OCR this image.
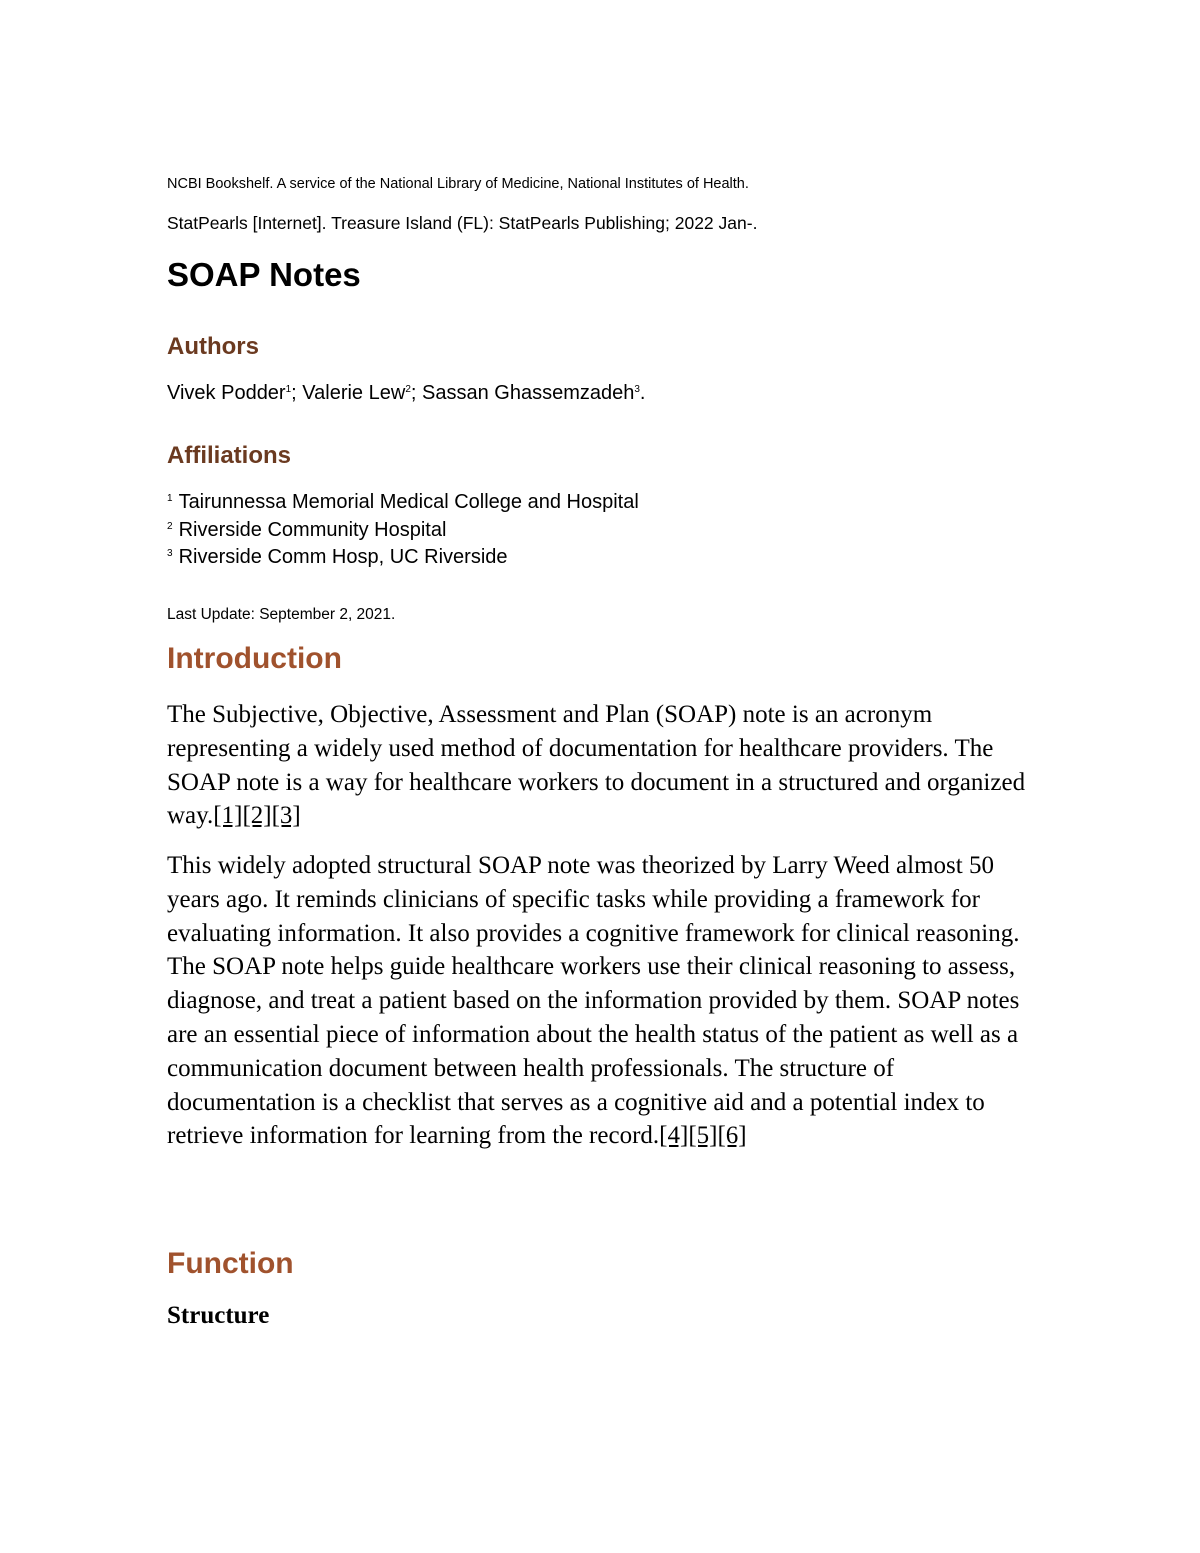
NCBI Bookshelf. A service of the National Library of Medicine, National Institutes of Health.

StatPearls [Internet]. Treasure Island (FL): StatPearls Publishing; 2022 Jan-.

SOAP Notes
Authors

Vivek Podder$^1$; Valerie Lew$^2$; Sassan Ghassemzadeh$^3$.

Affiliations
$^1$ Tairunnessa Memorial Medical College and Hospital
$^2$ Riverside Community Hospital
$^3$ Riverside Comm Hosp, UC Riverside

Last Update: September 2, 2021.

Introduction

The Subjective, Objective, Assessment and Plan (SOAP) note is an acronym representing a widely used method of documentation for healthcare providers. The SOAP note is a way for healthcare workers to document in a structured and organized way.[1][2][3]

This widely adopted structural SOAP note was theorized by Larry Weed almost 50 years ago. It reminds clinicians of specific tasks while providing a framework for evaluating information. It also provides a cognitive framework for clinical reasoning. The SOAP note helps guide healthcare workers use their clinical reasoning to assess, diagnose, and treat a patient based on the information provided by them. SOAP notes are an essential piece of information about the health status of the patient as well as a communication document between health professionals. The structure of documentation is a checklist that serves as a cognitive aid and a potential index to retrieve information for learning from the record.[4][5][6]

Function
Structure
